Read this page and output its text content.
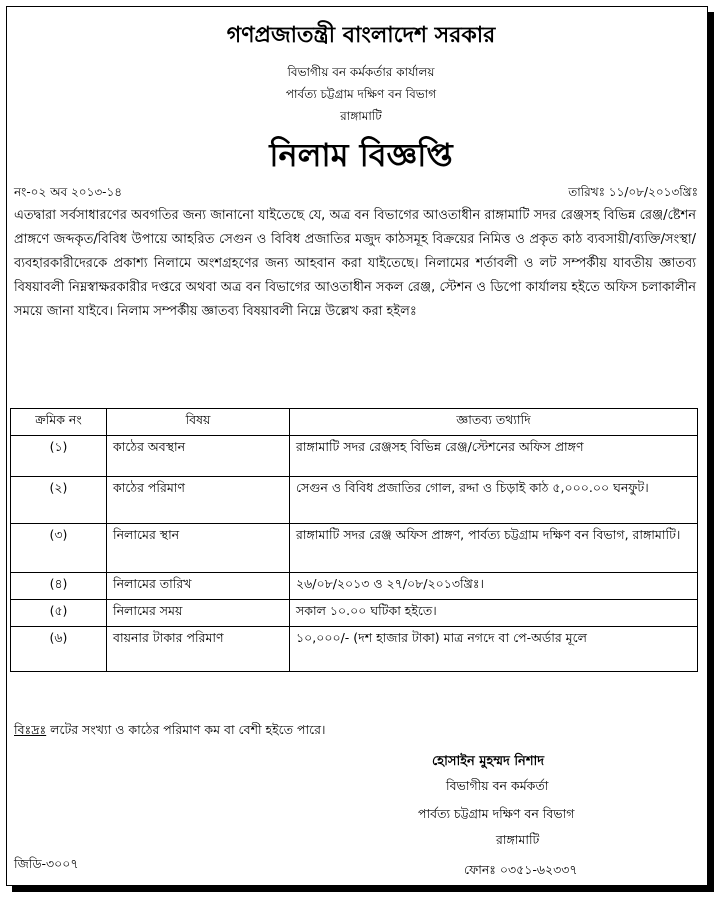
গণপ্রজাতন্ত্রী বাংলাদেশ সরকার
বিভাগীয় বন কর্মকর্তার কার্যালয়
পার্বত্য চট্টগ্রাম দক্ষিণ বন বিভাগ
রাঙ্গামাটি
নিলাম বিজ্ঞপ্তি
নং-০২ অব ২০১৩-১৪	তারিখঃ ১১/০৮/২০১৩খ্রিঃ
এতদ্বারা সর্বসাধারণের অবগতির জন্য জানানো যাইতেছে যে, অত্র বন বিভাগের আওতাধীন রাঙ্গামাটি সদর রেঞ্জসহ বিভিন্ন রেঞ্জ/ষ্টেশন প্রাঙ্গণে জব্দকৃত/বিবিধ উপায়ে আহরিত সেগুন ও বিবিধ প্রজাতির মজুদ কাঠসমূহ বিক্রয়ের নিমিত্ত ও প্রকৃত কাঠ ব্যবসায়ী/ব্যক্তি/সংস্থা/ব্যবহারকারীদেরকে প্রকাশ্য নিলামে অংশগ্রহণের জন্য আহবান করা যাইতেছে। নিলামের শর্তাবলী ও লট সম্পর্কীয় যাবতীয় জ্ঞাতব্য বিষয়াবলী নিম্নস্বাক্ষরকারীর দপ্তরে অথবা অত্র বন বিভাগের আওতাধীন সকল রেঞ্জ, স্টেশন ও ডিপো কার্যালয় হইতে অফিস চলাকালীন সময়ে জানা যাইবে। নিলাম সম্পর্কীয় জ্ঞাতব্য বিষয়াবলী নিম্নে উল্লেখ করা হইলঃ
ক্রমিক নং	বিষয়	জ্ঞাতব্য তথ্যাদি
(১)	কাঠের অবস্থান	রাঙ্গামাটি সদর রেঞ্জসহ বিভিন্ন রেঞ্জ/স্টেশনের অফিস প্রাঙ্গণ
(২)	কাঠের পরিমাণ	সেগুন ও বিবিধ প্রজাতির গোল, রদ্দা ও চিড়াই কাঠ ৫,০০০.০০ ঘনফুট।
(৩)	নিলামের স্থান	রাঙ্গামাটি সদর রেঞ্জ অফিস প্রাঙ্গণ, পার্বত্য চট্টগ্রাম দক্ষিণ বন বিভাগ, রাঙ্গামাটি।
(৪)	নিলামের তারিখ	২৬/০৮/২০১৩ ও ২৭/০৮/২০১৩খ্রিঃ।
(৫)	নিলামের সময়	সকাল ১০.০০ ঘটিকা হইতে।
(৬)	বায়নার টাকার পরিমাণ	১০,০০০/- (দশ হাজার টাকা) মাত্র নগদে বা পে-অর্ডার মূলে
বিঃদ্রঃ লটের সংখ্যা ও কাঠের পরিমাণ কম বা বেশী হইতে পারে।
হোসাইন মুহম্মদ নিশাদ
বিভাগীয় বন কর্মকর্তা
পার্বত্য চট্টগ্রাম দক্ষিণ বন বিভাগ
রাঙ্গামাটি
ফোনঃ ০৩৫১-৬২৩৩৭
জিডি-৩০০৭
